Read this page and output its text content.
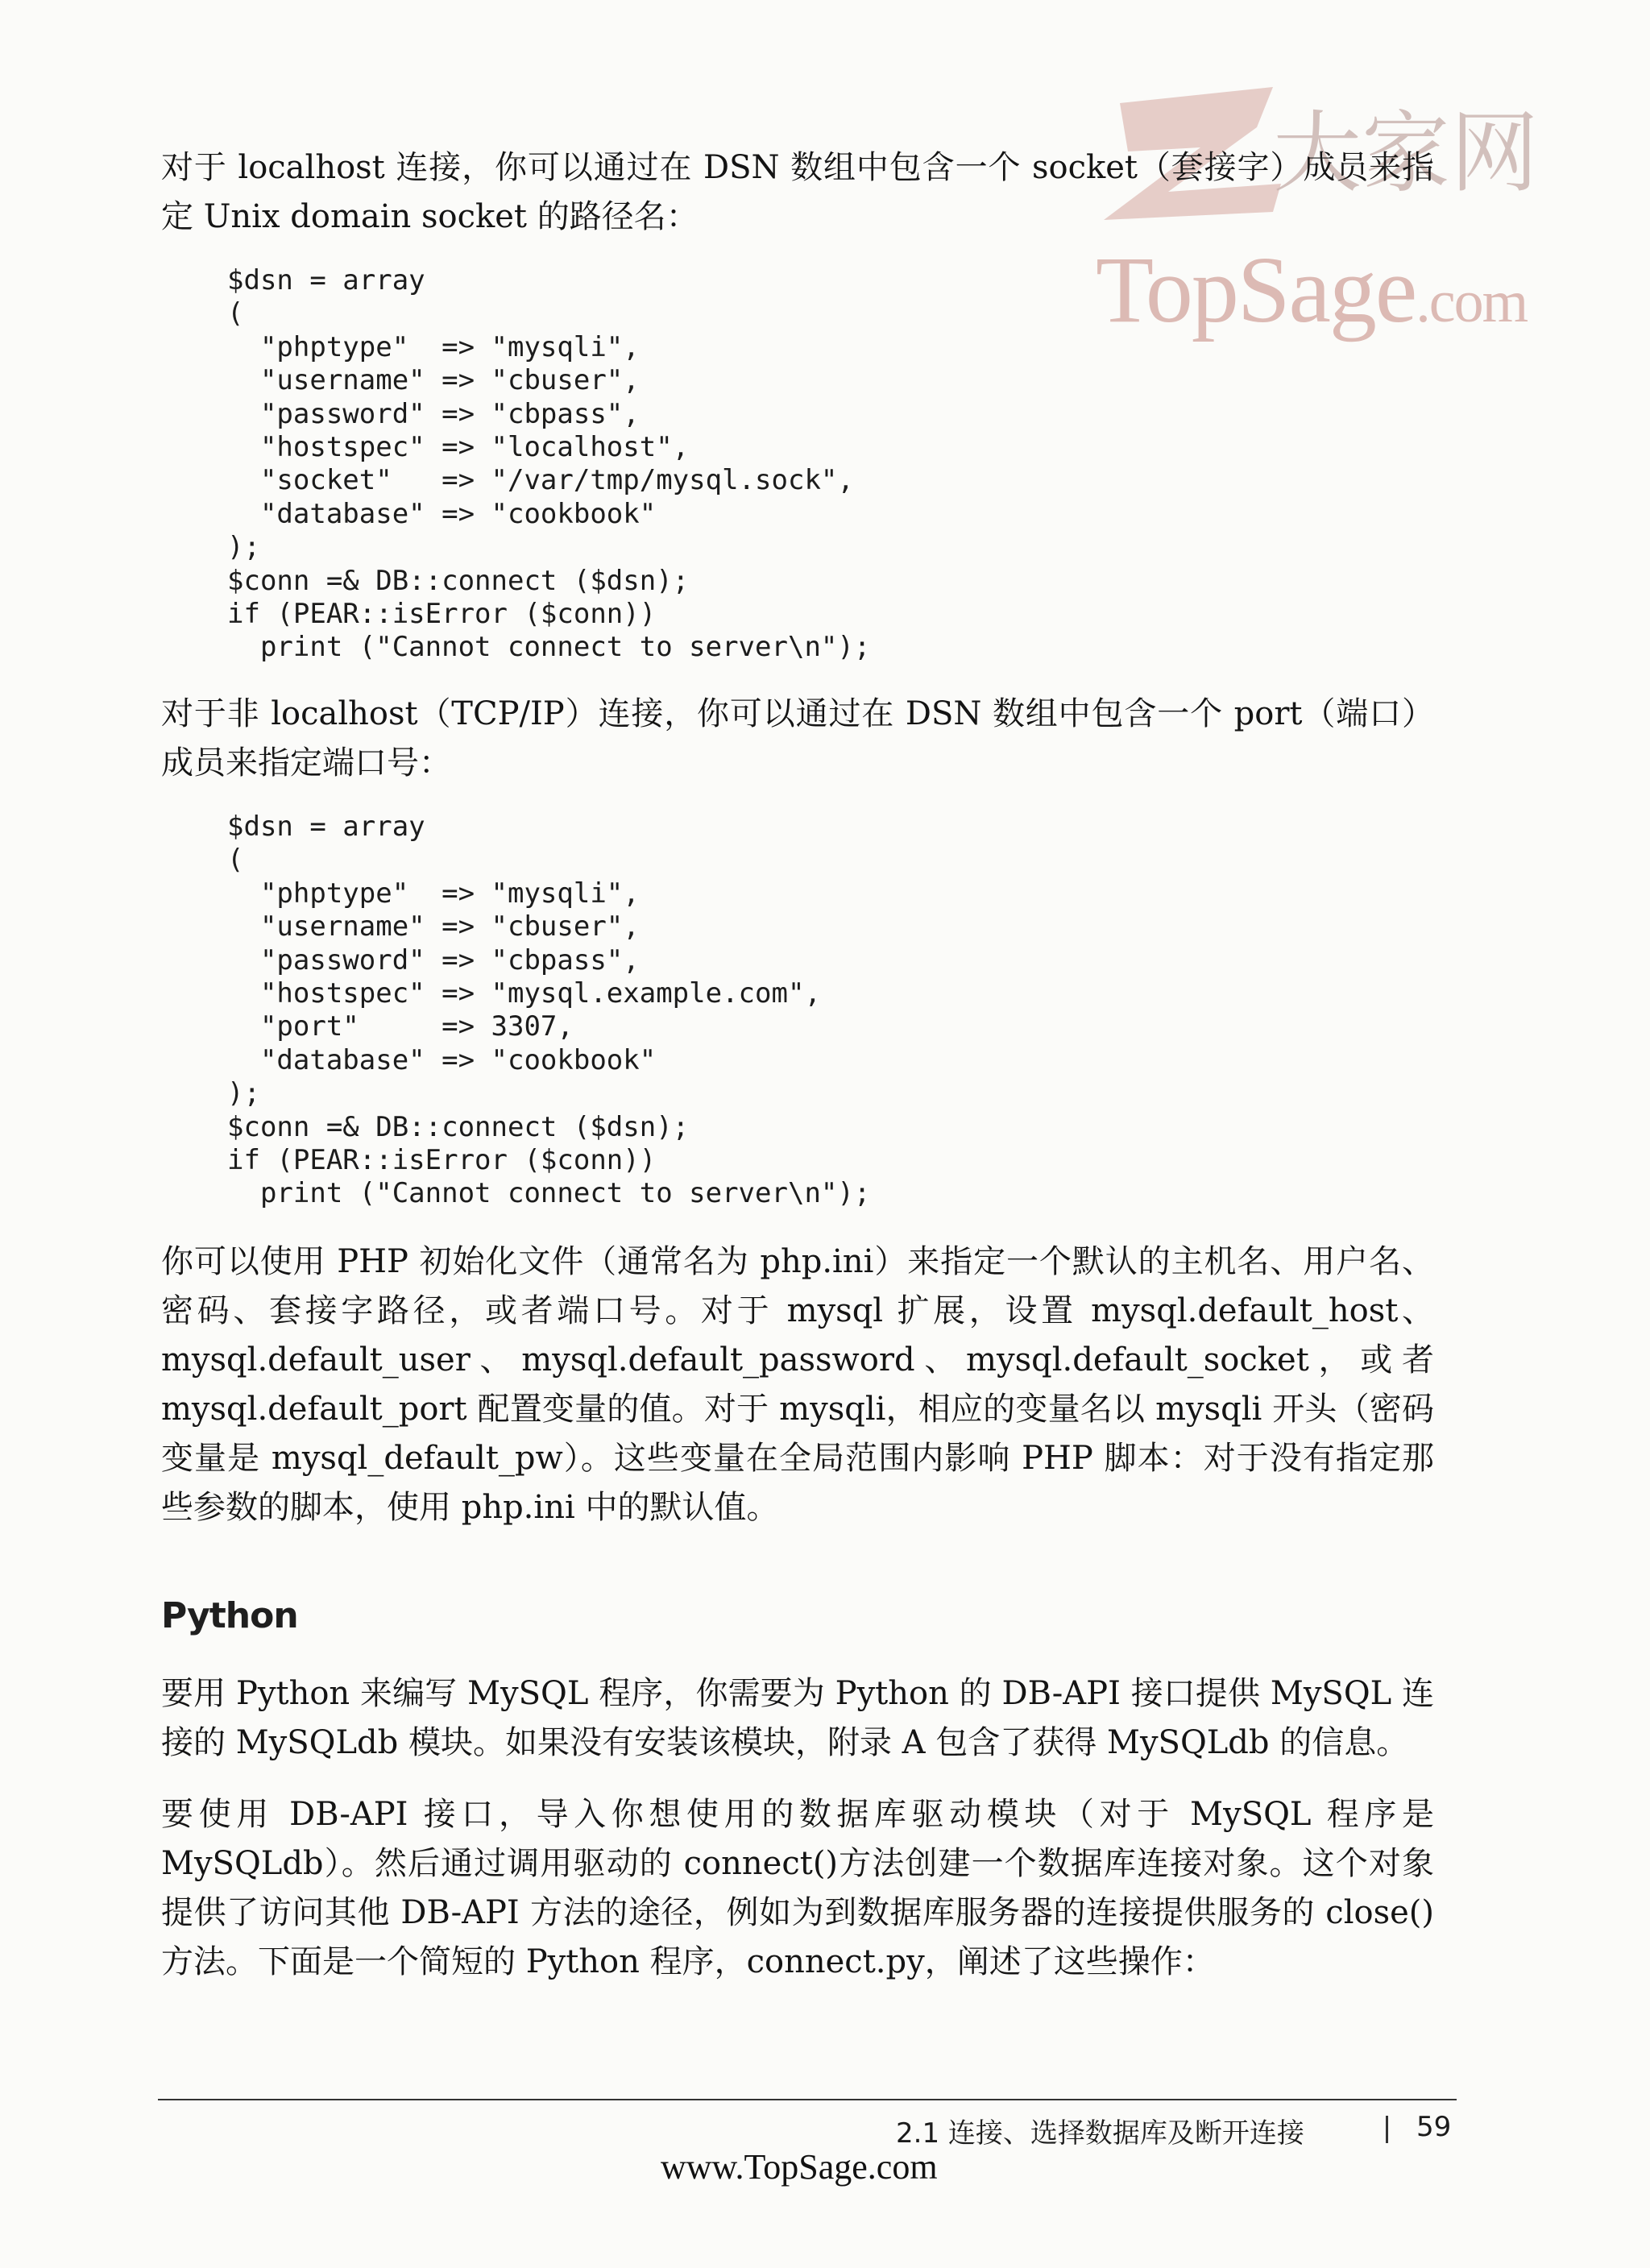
大家网
TopSage.com

对于 localhost 连接，你可以通过在 DSN 数组中包含一个 socket（套接字）成员来指定 Unix domain socket 的路径名：

$dsn = array
(
"phptype"  => "mysqli",
"username" => "cbuser",
"password" => "cbpass",
"hostspec" => "localhost",
"socket"   => "/var/tmp/mysql.sock",
"database" => "cookbook"
);
$conn =& DB::connect ($dsn);
if (PEAR::isError ($conn))
print ("Cannot connect to server\n");

对于非 localhost（TCP/IP）连接，你可以通过在 DSN 数组中包含一个 port（端口）成员来指定端口号：

$dsn = array
(
"phptype"  => "mysqli",
"username" => "cbuser",
"password" => "cbpass",
"hostspec" => "mysql.example.com",
"port"     => 3307,
"database" => "cookbook"
);
$conn =& DB::connect ($dsn);
if (PEAR::isError ($conn))
print ("Cannot connect to server\n");

你可以使用 PHP 初始化文件（通常名为 php.ini）来指定一个默认的主机名、用户名、密码、套接字路径，或者端口号。对于 mysql 扩展，设置 mysql.default_host、mysql.default_user、mysql.default_password、mysql.default_socket，或者 mysql.default_port 配置变量的值。对于 mysqli，相应的变量名以 mysqli 开头（密码变量是 mysql_default_pw）。这些变量在全局范围内影响 PHP 脚本：对于没有指定那些参数的脚本，使用 php.ini 中的默认值。

Python

要用 Python 来编写 MySQL 程序，你需要为 Python 的 DB-API 接口提供 MySQL 连接的 MySQLdb 模块。如果没有安装该模块，附录 A 包含了获得 MySQLdb 的信息。

要使用 DB-API 接口，导入你想使用的数据库驱动模块（对于 MySQL 程序是 MySQLdb）。然后通过调用驱动的 connect()方法创建一个数据库连接对象。这个对象提供了访问其他 DB-API 方法的途径，例如为到数据库服务器的连接提供服务的 close()方法。下面是一个简短的 Python 程序，connect.py，阐述了这些操作：

2.1 连接、选择数据库及断开连接	59
www.TopSage.com
